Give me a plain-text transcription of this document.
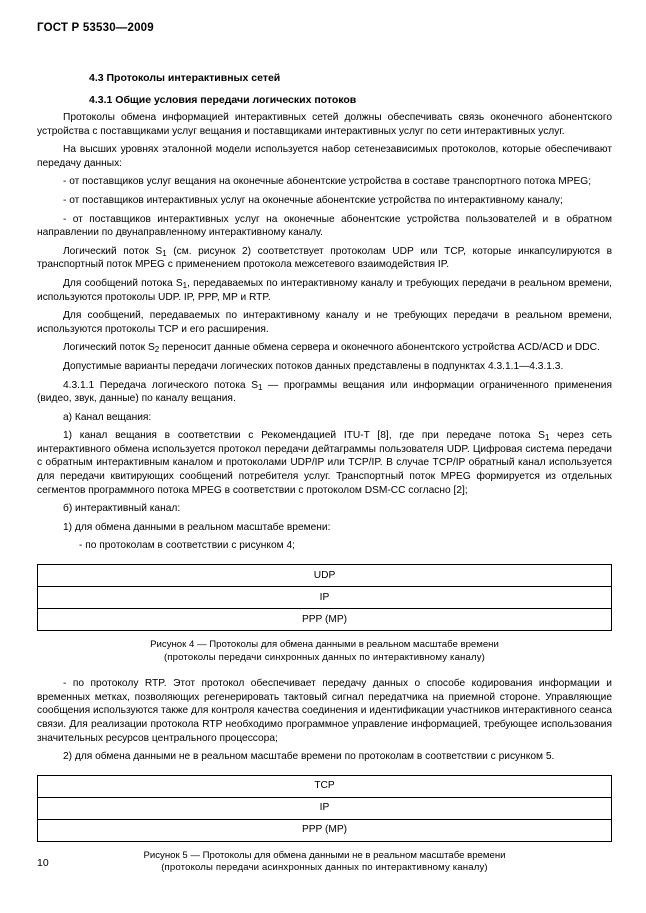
ГОСТ Р 53530—2009
4.3 Протоколы интерактивных сетей
4.3.1 Общие условия передачи логических потоков

Протоколы обмена информацией интерактивных сетей должны обеспечивать связь оконечного абонентского устройства с поставщиками услуг вещания и поставщиками интерактивных услуг по сети интерактивных услуг.

На высших уровнях эталонной модели используется набор сетенезависимых протоколов, которые обеспечивают передачу данных:

- от поставщиков услуг вещания на оконечные абонентские устройства в составе транспортного потока MPEG;

- от поставщиков интерактивных услуг на оконечные абонентские устройства по интерактивному каналу;

- от поставщиков интерактивных услуг на оконечные абонентские устройства пользователей и в обратном направлении по двунаправленному интерактивному каналу.

Логический поток $S_1$ (см. рисунок 2) соответствует протоколам UDP или TCP, которые инкапсулируются в транспортный поток MPEG с применением протокола межсетевого взаимодействия IP.

Для сообщений потока $S_1$, передаваемых по интерактивному каналу и требующих передачи в реальном времени, используются протоколы UDP. IP, PPP, MP и RTP.

Для сообщений, передаваемых по интерактивному каналу и не требующих передачи в реальном времени, используются протоколы ТСР и его расширения.

Логический поток $S_2$ переносит данные обмена сервера и оконечного абонентского устройства ACD/ACD и DDC.

Допустимые варианты передачи логических потоков данных представлены в подпунктах 4.3.1.1—4.3.1.3.

4.3.1.1 Передача логического потока $S_1$ — программы вещания или информации ограниченного применения (видео, звук, данные) по каналу вещания.

а) Канал вещания:

1) канал вещания в соответствии с Рекомендацией ITU-T [8], где при передаче потока $S_1$ через сеть интерактивного обмена используется протокол передачи дейтаграммы пользователя UDP. Цифровая система передачи с обратным интерактивным каналом и протоколами UDP/IP или TCP/IP. В случае ТСР/IP обратный канал используется для передачи квитирующих сообщений потребителя услуг. Транспортный поток MPEG формируется из отдельных сегментов программного потока MPEG в соответствии с протоколом DSM-CC согласно [2];

б) интерактивный канал:

1) для обмена данными в реальном масштабе времени:

- по протоколам в соответствии с рисунком 4;

UDP
IP
PPP (MP)
Рисунок 4 — Протоколы для обмена данными в реальном масштабе времени
(протоколы передачи синхронных данных по интерактивному каналу)

- по протоколу RTP. Этот протокол обеспечивает передачу данных о способе кодирования информации и временных метках, позволяющих регенерировать тактовый сигнал передатчика на приемной стороне. Управляющие сообщения используются также для контроля качества соединения и идентификации участников интерактивного сеанса связи. Для реализации протокола RTP необходимо программное управление информацией, требующее использования значительных ресурсов центрального процессора;

2) для обмена данными не в реальном масштабе времени по протоколам в соответствии с рисунком 5.

TCP
IP
PPP (MP)
Рисунок 5 — Протоколы для обмена данными не в реальном масштабе времени
(протоколы передачи асинхронных данных по интерактивному каналу)
10
